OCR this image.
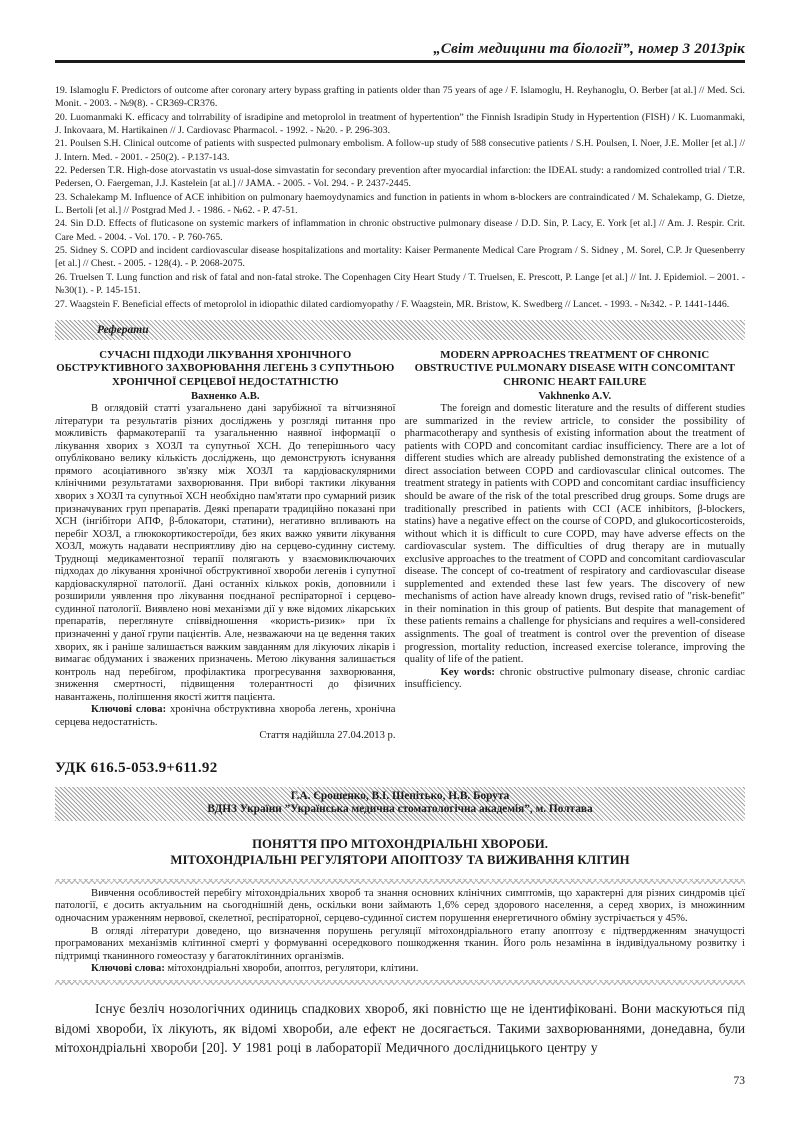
„Світ медицини та біології”, номер 3 2013рік

19. Islamoglu F. Predictors of outcome after coronary artery bypass grafting in patients older than 75 years of age / F. Islamoglu, H. Reyhanoglu, O. Berber [at al.] // Med. Sci. Monit. - 2003. - №9(8). - CR369-CR376.

20. Luomanmaki K. efficacy and tolrrability of isradipine and metoprolol in treatment of hypertention” the Finnish Isradipin Study in Hypertention (FISH) / K. Luomanmaki, J. Inkovaara, M. Hartikainen // J. Cardiovasc Pharmacol. - 1992. - №20. - P. 296-303.

21. Poulsen S.H. Clinical outcome of patients with suspected pulmonary embolism. A follow-up study of 588 consecutive patients / S.H. Poulsen, I. Noer, J.E. Moller [et al.] // J. Intern. Med. - 2001. - 250(2). - P.137-143.

22. Pedersen T.R. High-dose atorvastatin vs usual-dose simvastatin for secondary prevention after myocardial infarction: the IDEAL study: a randomized controlled trial / T.R. Pedersen, O. Faergeman, J.J. Kastelein [at al.] // JAMA. - 2005. - Vol. 294. - P. 2437-2445.

23. Schalekamp M. Influence of ACE inhibition on pulmonary haemoydynamics and function in patients in whom в-blockers are contraindicated / M. Schalekamp, G. Dietze, L. Bertoli [et al.] // Postgrad Med J. - 1986. - №62. - P. 47-51.

24. Sin D.D. Effects of fluticasone on systemic markers of inflammation in chronic obstructive pulmonary disease / D.D. Sin, P. Lacy, E. York [et al.] // Am. J. Respir. Crit. Care Med. - 2004. - Vol. 170. - P. 760-765.

25. Sidney S. COPD and incident cardiovascular disease hospitalizations and mortality: Kaiser Permanente Medical Care Program / S. Sidney , M. Sorel, C.P. Jr Quesenberry [et al.] // Chest. - 2005. - 128(4). - P. 2068-2075.

26. Truelsen T. Lung function and risk of fatal and non-fatal stroke. The Copenhagen City Heart Study / T. Truelsen, E. Prescott, P. Lange [et al.] // Int. J. Epidemiol. – 2001. - №30(1). - P. 145-151.

27. Waagstein F. Beneficial effects of metoprolol in idiopathic dilated cardiomyopathy / F. Waagstein, MR. Bristow, K. Swedberg // Lancet. - 1993. - №342. - P. 1441-1446.

Реферати
СУЧАСНІ ПІДХОДИ ЛІКУВАННЯ ХРОНІЧНОГО ОБСТРУКТИВНОГО ЗАХВОРЮВАННЯ ЛЕГЕНЬ З СУПУТНЬОЮ ХРОНІЧНОЇ СЕРЦЕВОЇ НЕДОСТАТНІСТЮ
Вахненко А.В.
В оглядовій статті узагальнено дані зарубіжної та вітчизняної літератури та результатів різних досліджень у розгляді питання про можливість фармакотерапії та узагальненню наявної інформації о лікування хворих з ХОЗЛ та супутньої ХСН. До теперішнього часу опубліковано велику кількість досліджень, що демонструють існування прямого асоціативного зв'язку між ХОЗЛ та кардіоваскулярними клінічними результатами захворювання. При виборі тактики лікування хворих з ХОЗЛ та супутньої ХСН необхідно пам'ятати про сумарний ризик призначуваних груп препаратів. Деякі препарати традиційно показані при ХСН (інгібітори АПФ, β-блокатори, статини), негативно впливають на перебіг ХОЗЛ, а глюкокортикостероїди, без яких важко уявити лікування ХОЗЛ, можуть надавати несприятливу дію на серцево-судинну систему. Труднощі медикаментозної терапії полягають у взаємовиключаючих підходах до лікування хронічної обструктивної хвороби легенів і супутної кардіоваскулярної патології. Дані останніх кількох років, доповнили і розширили уявлення про лікування поєднаної респіраторної і серцево-судинної патології. Виявлено нові механізми дії у вже відомих лікарських препаратів, переглянуте співвідношення «користь-ризик» при їх призначенні у даної групи пацієнтів. Але, незважаючи на це ведення таких хворих, як і раніше залишається важким завданням для лікуючих лікарів і вимагає обдуманих і зважених призначень. Метою лікування залишається контроль над перебігом, профілактика прогресування захворювання, зниження смертності, підвищення толерантності до фізичних навантажень, поліпшення якості життя пацієнта.
Ключові слова: хронічна обструктивна хвороба легень, хронічна серцева недостатність.
Стаття надійшла 27.04.2013 р.
MODERN APPROACHES TREATMENT OF CHRONIC OBSTRUCTIVE PULMONARY DISEASE WITH CONCOMITANT CHRONIC HEART FAILURE
Vakhnenko A.V.
The foreign and domestic literature and the results of different studies are summarized in the review artricle, to consider the possibility of pharmacotherapy and synthesis of existing information about the treatment of patients with COPD and concomitant cardiac insufficiency. There are a lot of different studies which are already published demonstrating the existence of a direct association between COPD and cardiovascular clinical outcomes. The treatment strategy in patients with COPD and concomitant cardiac insufficiency should be aware of the risk of the total prescribed drug groups. Some drugs are traditionally prescribed in patients with CCI (ACE inhibitors, β-blockers, statins) have a negative effect on the course of COPD, and glukocorticosteroids, without which it is difficult to cure COPD, may have adverse effects on the cardiovascular system. The difficulties of drug therapy are in mutually exclusive approaches to the treatment of COPD and concomitant cardiovascular disease. The concept of co-treatment of respiratory and cardiovascular disease supplemented and extended these last few years. The discovery of new mechanisms of action have already known drugs, revised ratio of "risk-benefit" in their nomination in this group of patients. But despite that management of these patients remains a challenge for physicians and requires a well-considered assignments. The goal of treatment is control over the prevention of disease progression, mortality reduction, increased exercise tolerance, improving the quality of life of the patient.
Key words: chronic obstructive pulmonary disease, chronic cardiac insufficiency.
УДК 616.5-053.9+611.92
Г.А. Єрошенко, В.І. Шепітько, Н.В. Борута
ВДНЗ України ”Українська медична стоматологічна академія”, м. Полтава
ПОНЯТТЯ ПРО МІТОХОНДРІАЛЬНІ ХВОРОБИ.
МІТОХОНДРІАЛЬНІ РЕГУЛЯТОРИ АПОПТОЗУ ТА ВИЖИВАННЯ КЛІТИН

Вивчення особливостей перебігу мітохондріальних хвороб та знання основних клінічних симптомів, що характерні для різних синдромів цієї патології, є досить актуальним на сьогоднішній день, оскільки вони займають 1,6% серед здорового населення, а серед хворих, із множинним одночасним ураженням нервової, скелетної, респіраторної, серцево-судинної систем порушення енергетичного обміну зустрічається у 45%.

В огляді літератури доведено, що визначення порушень регуляції мітохондріального етапу апоптозу є підтвердженням значущості програмованих механізмів клітинної смерті у формуванні осередкового пошкодження тканин. Його роль незамінна в індивідуальному розвитку і підтримці тканинного гомеостазу у багатоклітинних організмів.

Ключові слова: мітохондріальні хвороби, апоптоз, регулятори, клітини.

Існує безліч нозологічних одиниць спадкових хвороб, які повністю ще не ідентифіковані. Вони маскуються під відомі хвороби, їх лікують, як відомі хвороби, але ефект не досягається. Такими захворюваннями, донедавна, були мітохондріальні хвороби [20]. У 1981 році в лабораторії Медичного дослідницького центру у
73
